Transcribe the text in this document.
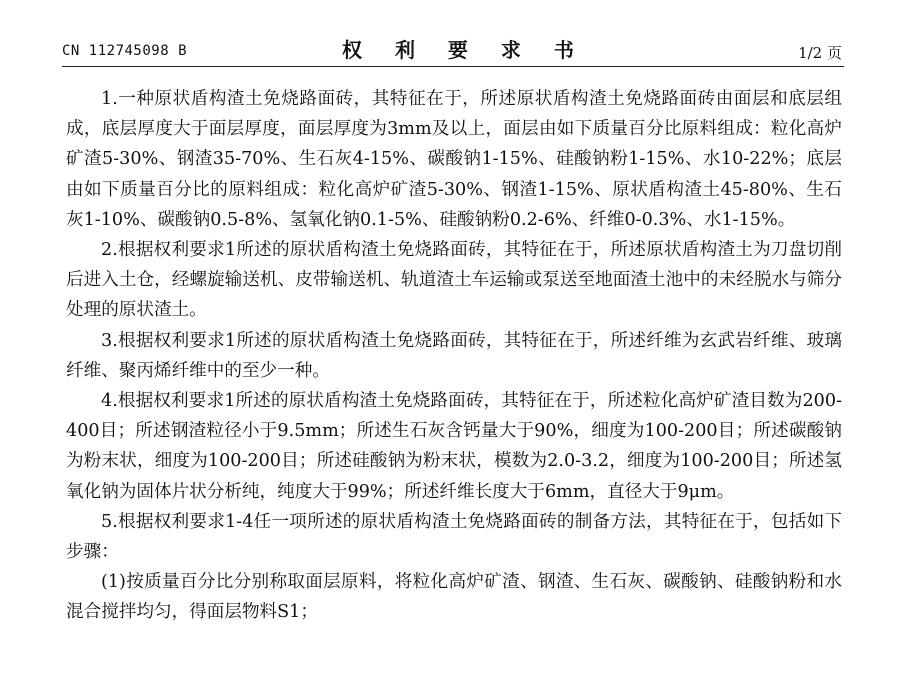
CN 112745098 B	权 利 要 求 书	1/2 页

1.一种原状盾构渣土免烧路面砖，其特征在于，所述原状盾构渣土免烧路面砖由面层和底层组成，底层厚度大于面层厚度，面层厚度为3mm及以上，面层由如下质量百分比原料组成：粒化高炉矿渣5-30%、钢渣35-70%、生石灰4-15%、碳酸钠1-15%、硅酸钠粉1-15%、水10-22%；底层由如下质量百分比的原料组成：粒化高炉矿渣5-30%、钢渣1-15%、原状盾构渣土45-80%、生石灰1-10%、碳酸钠0.5-8%、氢氧化钠0.1-5%、硅酸钠粉0.2-6%、纤维0-0.3%、水1-15%。

2.根据权利要求1所述的原状盾构渣土免烧路面砖，其特征在于，所述原状盾构渣土为刀盘切削后进入土仓，经螺旋输送机、皮带输送机、轨道渣土车运输或泵送至地面渣土池中的未经脱水与筛分处理的原状渣土。

3.根据权利要求1所述的原状盾构渣土免烧路面砖，其特征在于，所述纤维为玄武岩纤维、玻璃纤维、聚丙烯纤维中的至少一种。

4.根据权利要求1所述的原状盾构渣土免烧路面砖，其特征在于，所述粒化高炉矿渣目数为200-400目；所述钢渣粒径小于9.5mm；所述生石灰含钙量大于90%，细度为100-200目；所述碳酸钠为粉末状，细度为100-200目；所述硅酸钠为粉末状，模数为2.0-3.2，细度为100-200目；所述氢氧化钠为固体片状分析纯，纯度大于99%；所述纤维长度大于6mm，直径大于9μm。

5.根据权利要求1-4任一项所述的原状盾构渣土免烧路面砖的制备方法，其特征在于，包括如下步骤：

(1)按质量百分比分别称取面层原料，将粒化高炉矿渣、钢渣、生石灰、碳酸钠、硅酸钠粉和水混合搅拌均匀，得面层物料S1；
